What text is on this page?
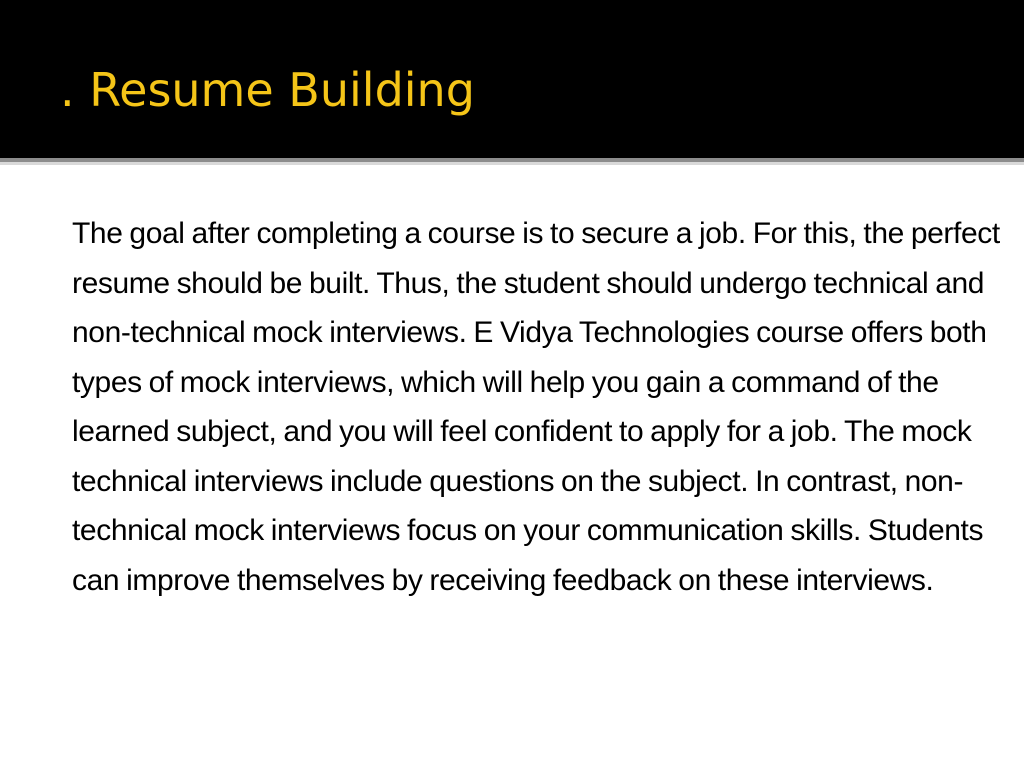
. Resume Building

The goal after completing a course is to secure a job. For this, the perfect resume should be built. Thus, the student should undergo technical and non-technical mock interviews. E Vidya Technologies course offers both types of mock interviews, which will help you gain a command of the learned subject, and you will feel confident to apply for a job. The mock technical interviews include questions on the subject. In contrast, non-technical mock interviews focus on your communication skills. Students can improve themselves by receiving feedback on these interviews.
